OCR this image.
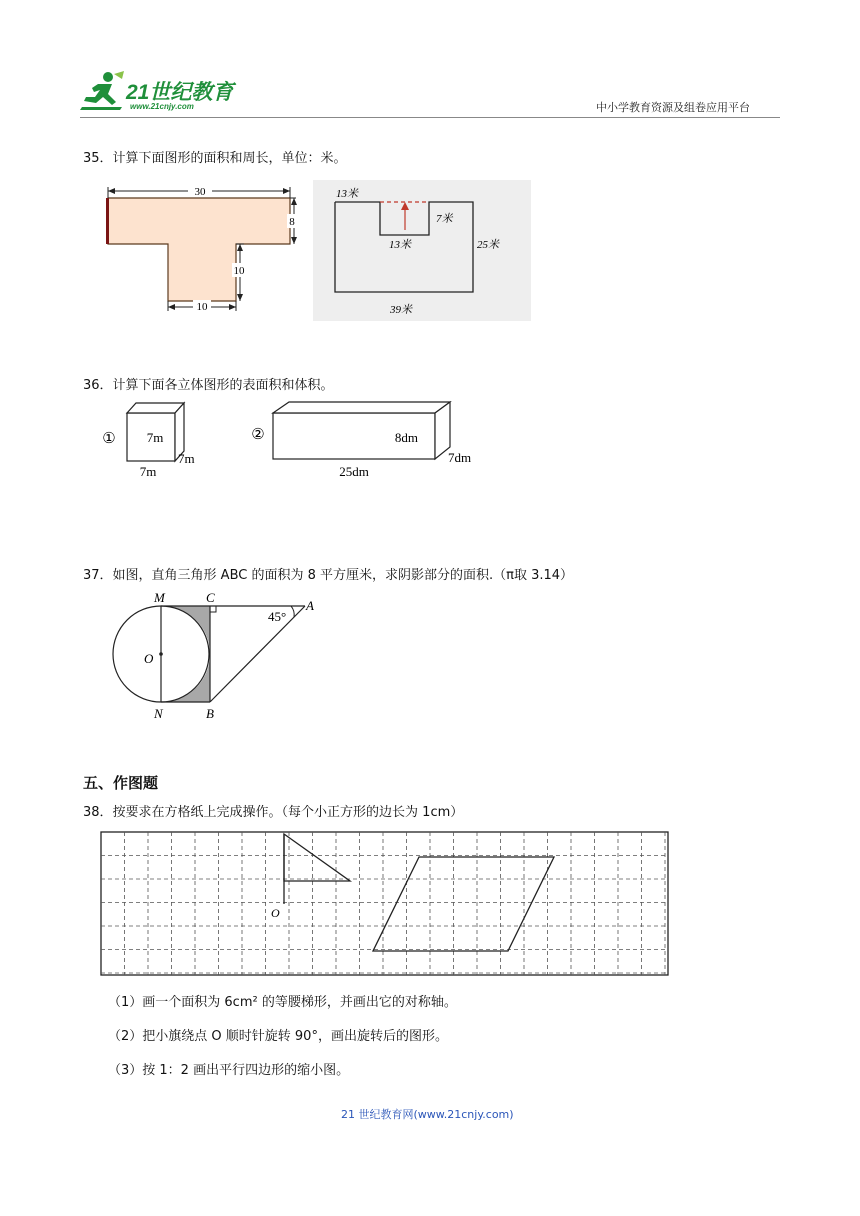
21世纪教育
www.21cnjy.com	中小学教育资源及组卷应用平台
35．计算下面图形的面积和周长，单位：米。
30
8
10
10
13米
7米
13米	25米
39米
36．计算下面各立体图形的表面积和体积。
① 7m
7m
7m
②	8dm
7dm
25dm
37．如图，直角三角形 ABC 的面积为 8 平方厘米，求阴影部分的面积.（π取 3.14）
M	C
A
O
N	B
45°
五、作图题
38．按要求在方格纸上完成操作。（每个小正方形的边长为 1cm）
O
（1）画一个面积为 6cm² 的等腰梯形，并画出它的对称轴。
（2）把小旗绕点 O 顺时针旋转 90°，画出旋转后的图形。
（3）按 1：2 画出平行四边形的缩小图。
21 世纪教育网(www.21cnjy.com)
